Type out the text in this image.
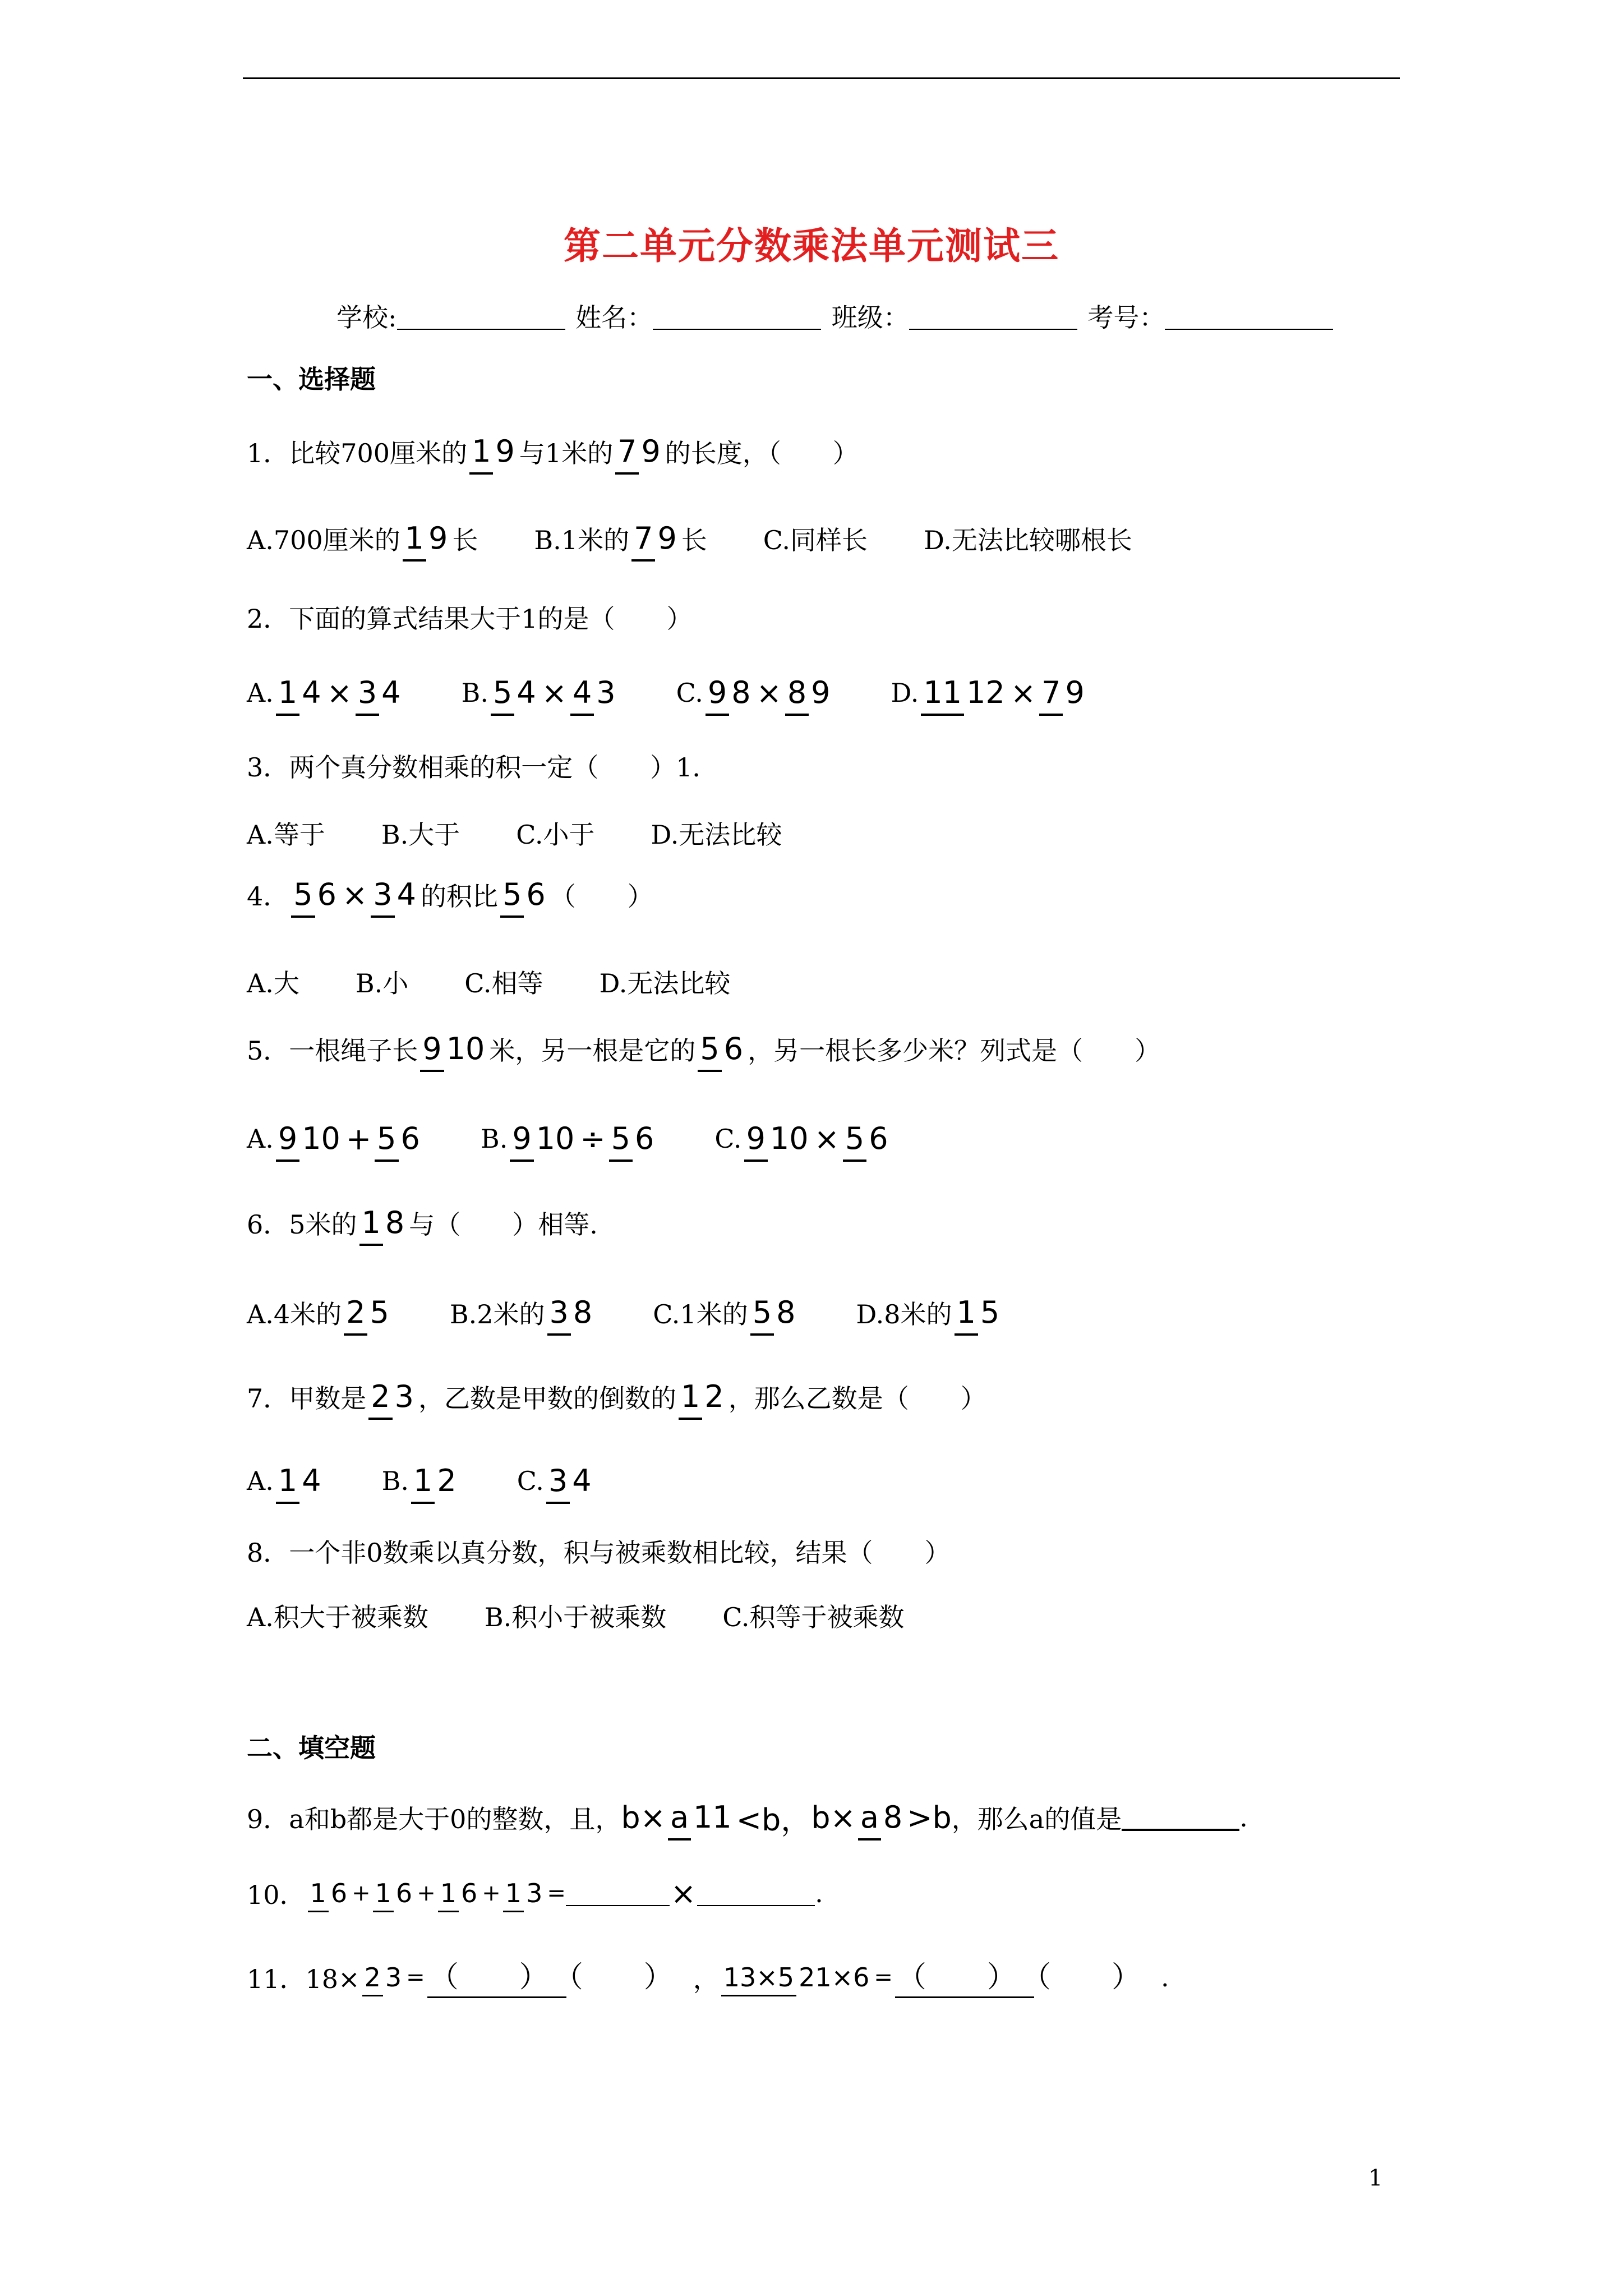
第二单元分数乘法单元测试三
学校:	姓名：	班级：	考号：
一、选择题
1．比较700厘米的 1 9 与1米的 7 9 的长度，（　　）
A.700厘米的 1 9 长 B.1米的 7 9 长 C.同样长 D.无法比较哪根长
2．下面的算式结果大于1的是（　　）
A. 1 4 × 3 4 B. 5 4 × 4 3 C. 9 8 × 8 9 D. 11 12 × 7 9
3．两个真分数相乘的积一定（　　）1．
A.等于 B.大于 C.小于 D.无法比较
4． 5 6 × 3 4 的积比 5 6 （　　）
A.大 B.小 C.相等 D.无法比较
5．一根绳子长 9 10 米，另一根是它的 5 6 ，另一根长多少米？列式是（　　）
A. 9 10 + 5 6 B. 9 10 ÷ 5 6 C. 9 10 × 5 6
6．5米的 1 8 与（　　）相等.
A.4米的 2 5 B.2米的 3 8 C.1米的 5 8 D.8米的 1 5
7．甲数是 2 3 ，乙数是甲数的倒数的 1 2 ，那么乙数是（　　）
A. 1 4 B. 1 2 C. 3 4
8．一个非0数乘以真分数，积与被乘数相比较，结果（　　）
A.积大于被乘数 B.积小于被乘数 C.积等于被乘数
二、填空题
9．a和b都是大于0的整数，且， b× a 11 <b， b× a 8 >b ，那么a的值是	.
10． 1 6 + 1 6 + 1 6 + 1 3 =	×	.
11．18× 2 3 = （　） （　） ， 13×5 21×6 = （　） （　） .
1
